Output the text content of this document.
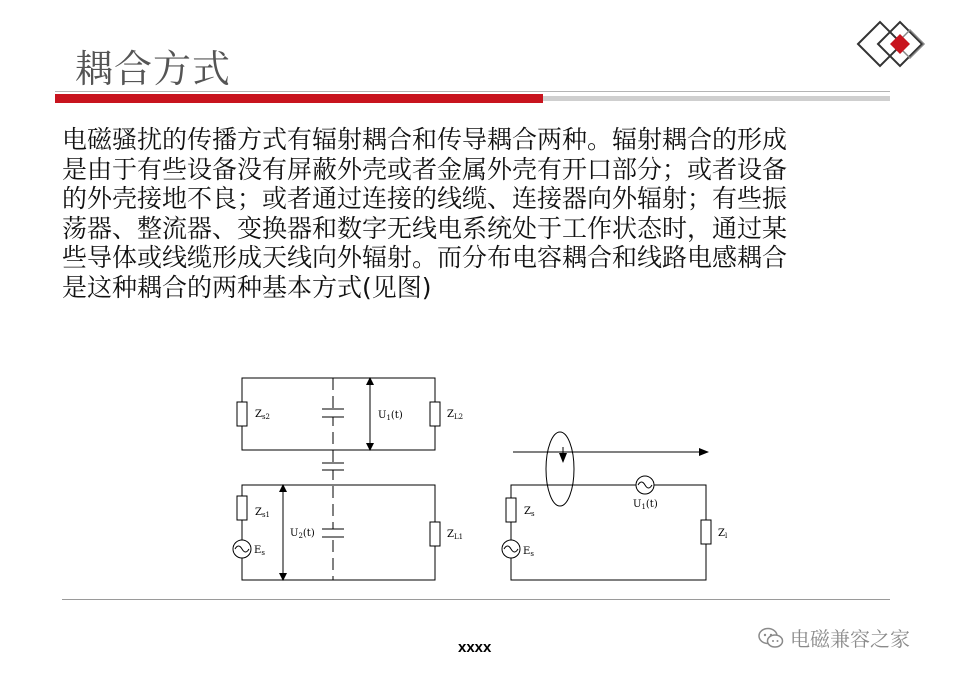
耦合方式
电磁骚扰的传播方式有辐射耦合和传导耦合两种。辐射耦合的形成
是由于有些设备没有屏蔽外壳或者金属外壳有开口部分；或者设备
的外壳接地不良；或者通过连接的线缆、连接器向外辐射；有些振
荡器、整流器、变换器和数字无线电系统处于工作状态时，通过某
些导体或线缆形成天线向外辐射。而分布电容耦合和线路电感耦合
是这种耦合的两种基本方式(见图)
$Z_{s2}$	$Z_{L2}$
$U_1(t)$
$Z_{s1}$
$U_2(t)$	$Z_{L1}$
$E_s$
$Z_s$
$E_s$
$U_1(t)$
$Z_l$
xxxx	电磁兼容之家
